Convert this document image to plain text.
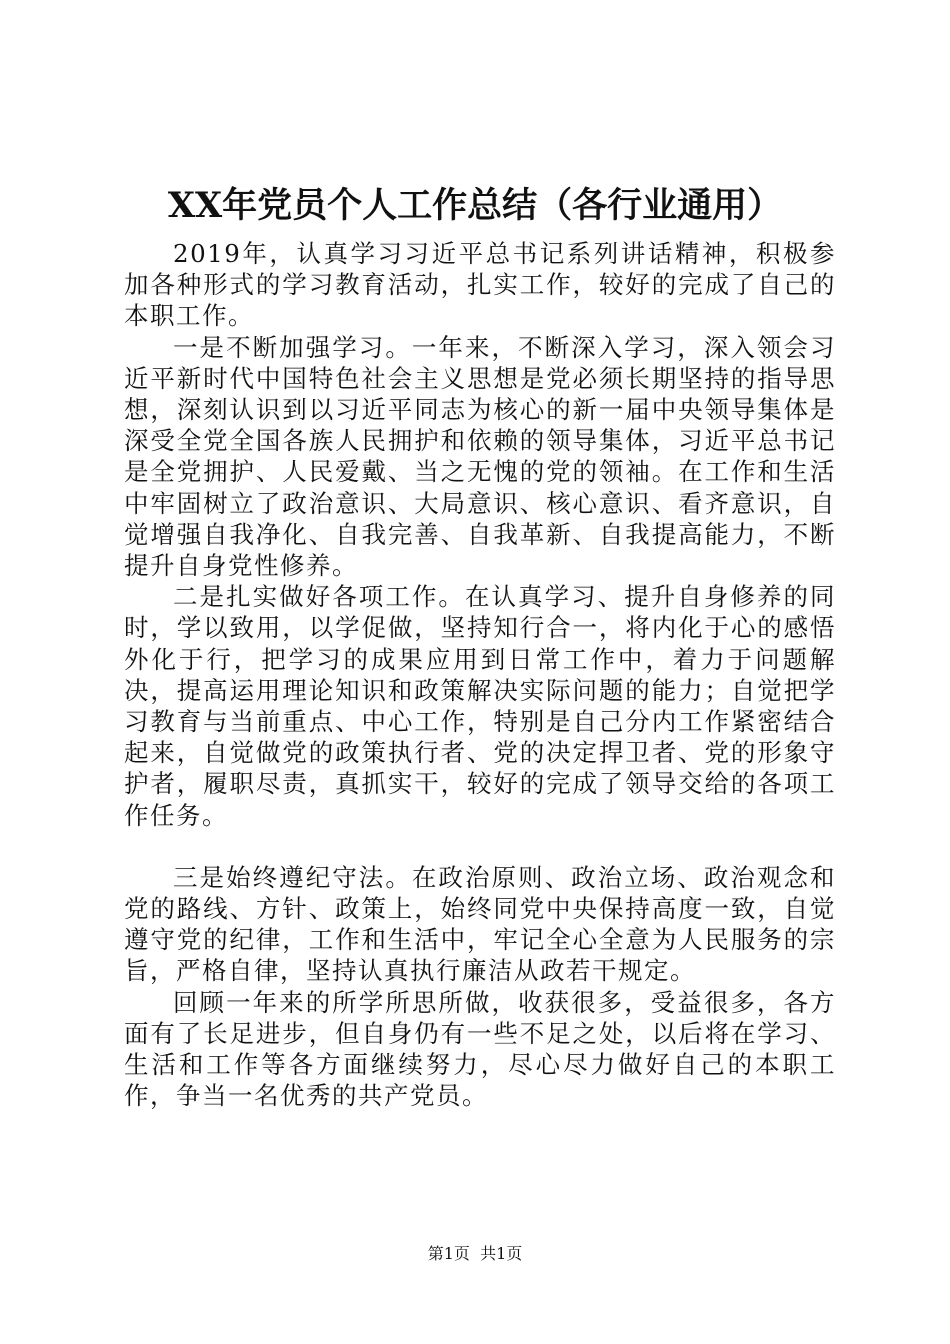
XX年党员个人工作总结（各行业通用）

2019年，认真学习习近平总书记系列讲话精神，积极参加各种形式的学习教育活动，扎实工作，较好的完成了自己的本职工作。

一是不断加强学习。一年来，不断深入学习，深入领会习近平新时代中国特色社会主义思想是党必须长期坚持的指导思想，深刻认识到以习近平同志为核心的新一届中央领导集体是深受全党全国各族人民拥护和依赖的领导集体，习近平总书记是全党拥护、人民爱戴、当之无愧的党的领袖。在工作和生活中牢固树立了政治意识、大局意识、核心意识、看齐意识，自觉增强自我净化、自我完善、自我革新、自我提高能力，不断提升自身党性修养。

二是扎实做好各项工作。在认真学习、提升自身修养的同时，学以致用，以学促做，坚持知行合一，将内化于心的感悟外化于行，把学习的成果应用到日常工作中，着力于问题解决，提高运用理论知识和政策解决实际问题的能力；自觉把学习教育与当前重点、中心工作，特别是自己分内工作紧密结合起来，自觉做党的政策执行者、党的决定捍卫者、党的形象守护者，履职尽责，真抓实干，较好的完成了领导交给的各项工作任务。

三是始终遵纪守法。在政治原则、政治立场、政治观念和党的路线、方针、政策上，始终同党中央保持高度一致，自觉遵守党的纪律，工作和生活中，牢记全心全意为人民服务的宗旨，严格自律，坚持认真执行廉洁从政若干规定。

回顾一年来的所学所思所做，收获很多，受益很多，各方面有了长足进步，但自身仍有一些不足之处，以后将在学习、生活和工作等各方面继续努力，尽心尽力做好自己的本职工作，争当一名优秀的共产党员。

第1页  共1页
